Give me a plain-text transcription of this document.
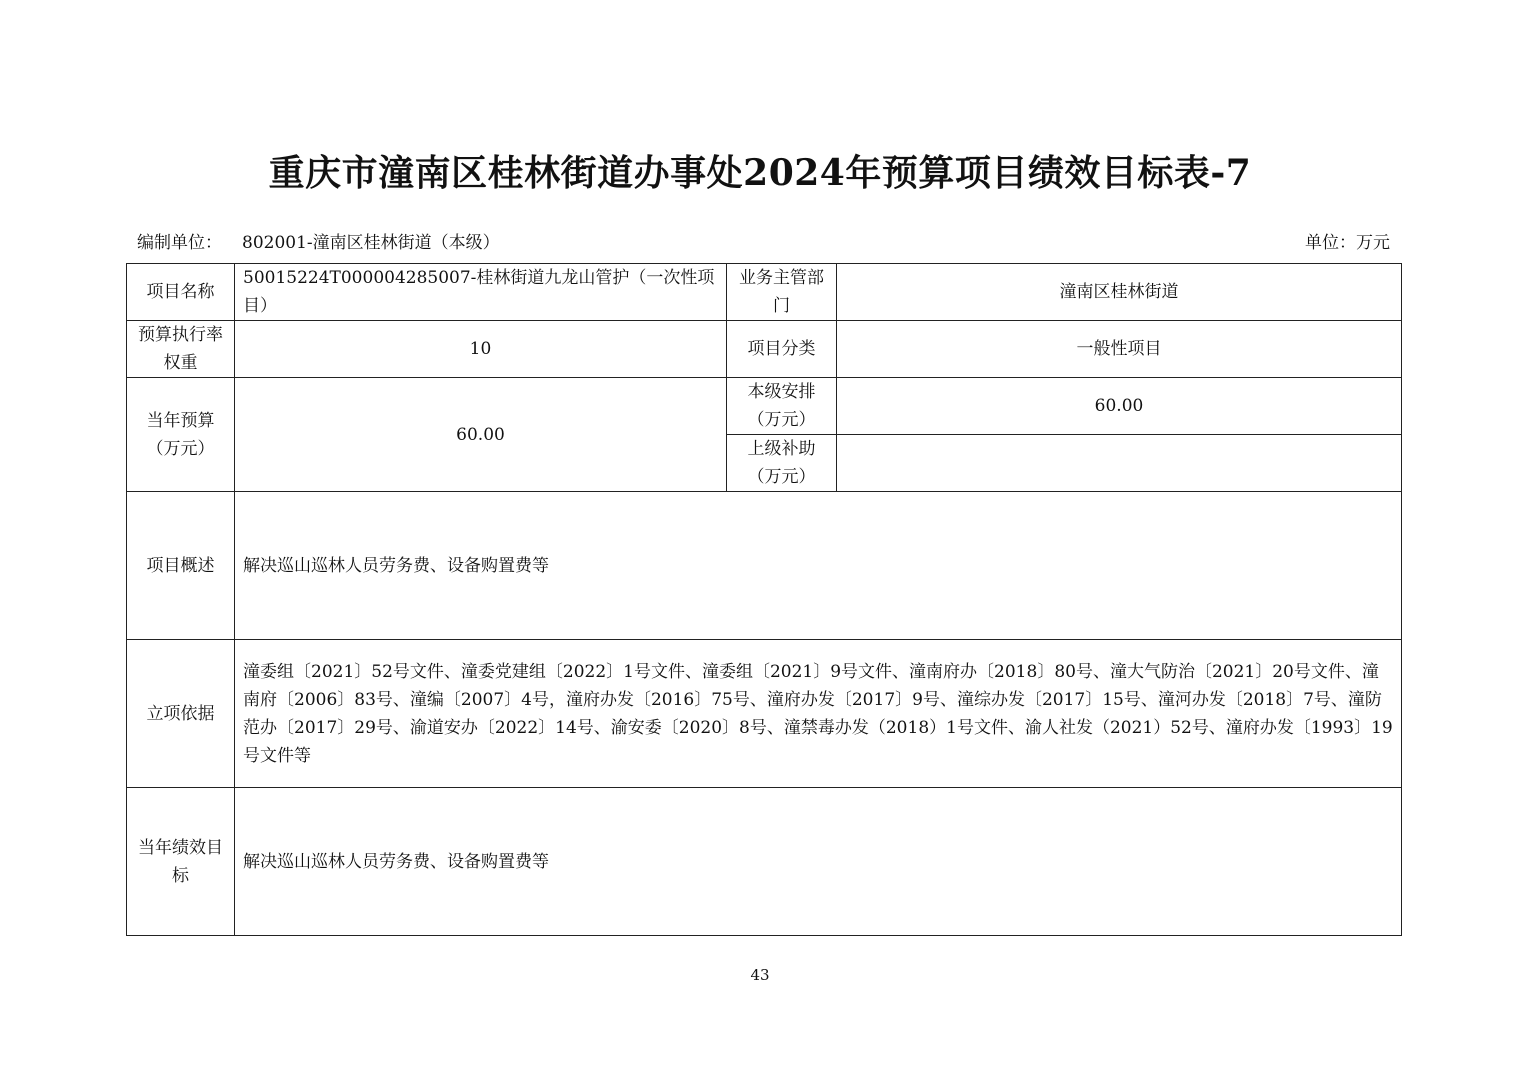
重庆市潼南区桂林街道办事处2024年预算项目绩效目标表-7
编制单位： 802001-潼南区桂林街道（本级）	单位：万元
项目名称	50015224T000004285007-桂林街道九龙山管护（一次性项目）	业务主管部门	潼南区桂林街道
预算执行率权重	10	项目分类	一般性项目
当年预算（万元）	60.00	本级安排（万元）	60.00
		上级补助（万元）	
项目概述	解决巡山巡林人员劳务费、设备购置费等		
立项依据	潼委组〔2021〕52号文件、潼委党建组〔2022〕1号文件、潼委组〔2021〕9号文件、潼南府办〔2018〕80号、潼大气防治〔2021〕20号文件、潼南府〔2006〕83号、潼编〔2007〕4号，潼府办发〔2016〕75号、潼府办发〔2017〕9号、潼综办发〔2017〕15号、潼河办发〔2018〕7号、潼防范办〔2017〕29号、渝道安办〔2022〕14号、渝安委〔2020〕8号、潼禁毒办发（2018）1号文件、渝人社发（2021）52号、潼府办发〔1993〕19号文件等		
当年绩效目标	解决巡山巡林人员劳务费、设备购置费等		
43
